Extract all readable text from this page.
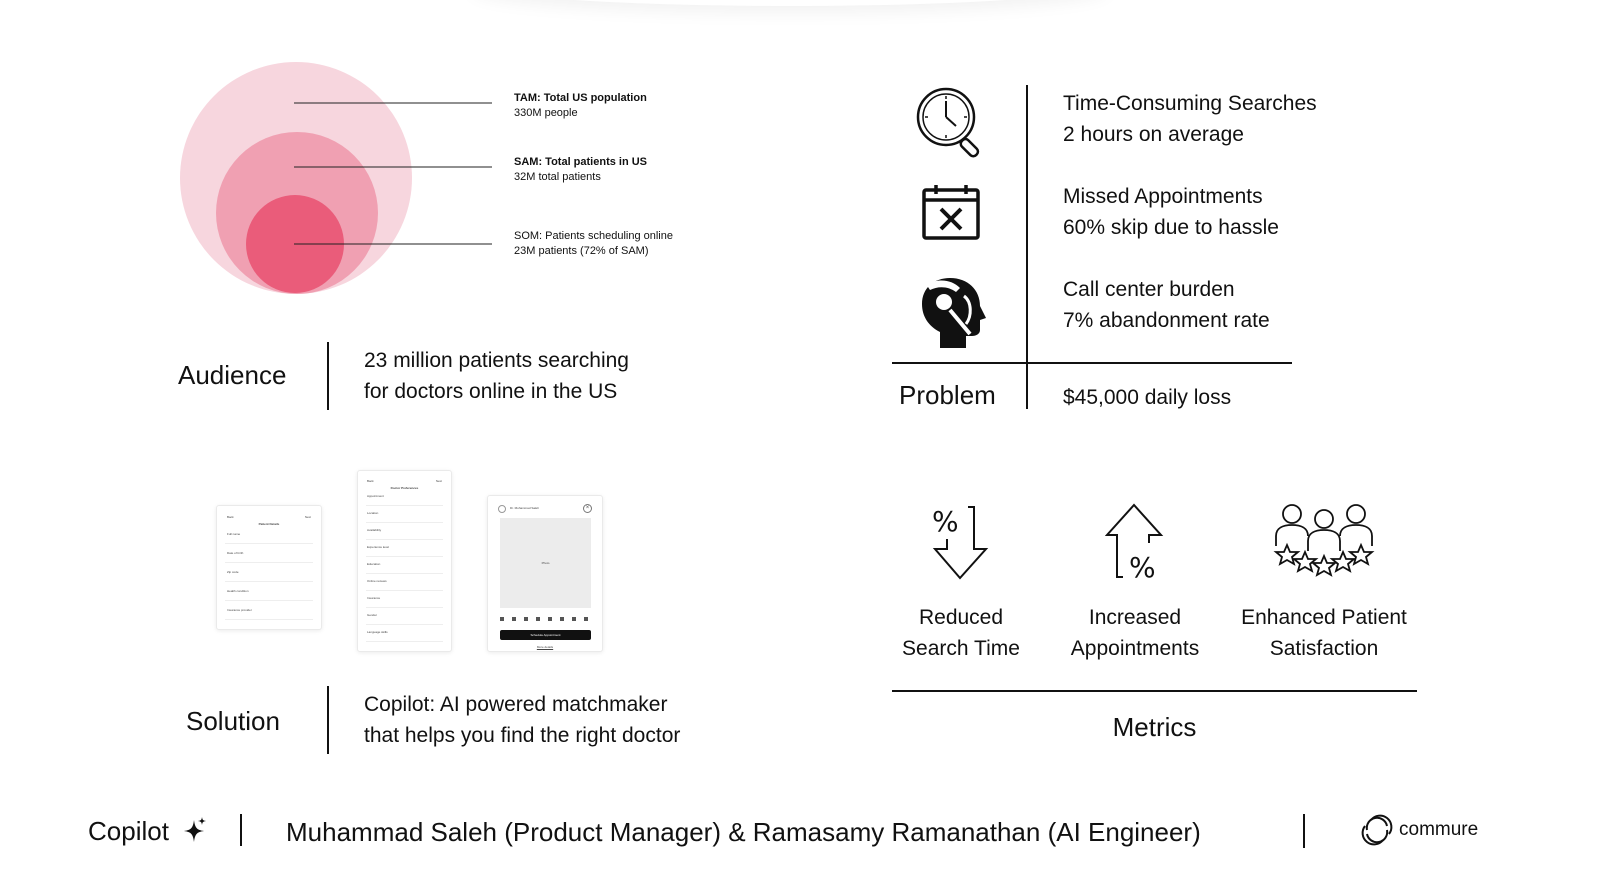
TAM: Total US population
330M people
SAM: Total patients in US
32M total patients
SOM: Patients scheduling online
23M patients (72% of SAM)
Audience	23 million patients searching
for doctors online in the US
Time-Consuming Searches
2 hours on average
Missed Appointments
60% skip due to hassle
Call center burden
7% abandonment rate
Problem	$45,000 daily loss
Back	Next
Patient Details
Full name
Date of birth
Zip code
Health condition
Insurance provider
Back	Next
Doctor Preferences
Appointment
Location
Availability
Experience level
Education
Online reviews
Insurance
Gender
Language skills
Dr. Muhammad Saleh	×
Photo
Schedule Appointment
More details
Solution
Copilot: AI powered matchmaker
that helps you find the right doctor
%
%
Reduced
Search Time
Increased
Appointments
Enhanced Patient
Satisfaction
Metrics
Copilot	Muhammad Saleh (Product Manager) & Ramasamy Ramanathan (AI Engineer)	commure
